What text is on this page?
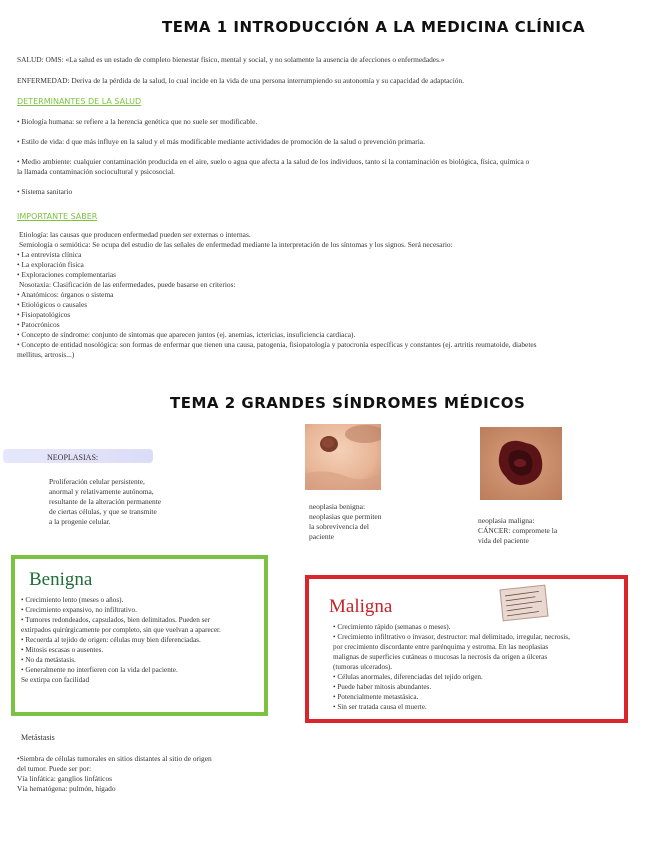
TEMA 1 INTRODUCCIÓN A LA MEDICINA CLÍNICA
SALUD: OMS: «La salud es un estado de completo bienestar físico, mental y social, y no solamente la ausencia de afecciones o enfermedades.»
ENFERMEDAD: Deriva de la pérdida de la salud, lo cual incide en la vida de una persona interrumpiendo su autonomía y su capacidad de adaptación.
DETERMINANTES DE LA SALUD
• Biología humana: se refiere a la herencia genética que no suele ser modificable.
• Estilo de vida: d que más influye en la salud y el más modificable mediante actividades de promoción de la salud o prevención primaria.
• Medio ambiente: cualquier contaminación producida en el aire, suelo o agua que afecta a la salud de los individuos, tanto si la contaminación es biológica, física, química o
la llamada contaminación sociocultural y psicosocial.
• Sistema sanitario
IMPORTANTE SABER
Etiología: las causas que producen enfermedad pueden ser externas o internas.
Semiología o semiótica: Se ocupa del estudio de las señales de enfermedad mediante la interpretación de los síntomas y los signos. Será necesario:
• La entrevista clínica
• La exploración física
• Exploraciones complementarias
Nosotaxia: Clasificación de las enfermedades, puede basarse en criterios:
• Anatómicos: órganos o sistema
• Etiológicos o causales
• Fisiopatológicos
• Patocrónicos
• Concepto de síndrome: conjunto de síntomas que aparecen juntos (ej. anemias, ictericias, insuficiencia cardiaca).
• Concepto de entidad nosológica: son formas de enfermar que tienen una causa, patogenia, fisiopatología y patocronía específicas y constantes (ej. artritis reumatoide, diabetes
mellitus, artrosis...)
TEMA 2 GRANDES SÍNDROMES MÉDICOS
NEOPLASIAS:
Proliferación celular persistente,
anormal y relativamente autónoma,
resultante de la alteración permanente
de ciertas células, y que se transmite
a la progenie celular.
neoplasia benigna:
neoplasias que permiten
la sobrevivencia del
paciente
neoplasia maligna:
CÁNCER: compromete la
vida del paciente
Benigna
• Crecimiento lento (meses o años).
• Crecimiento expansivo, no infiltrativo.
• Tumores redondeados, capsulados, bien delimitados. Pueden ser
extirpados quirúrgicamente por completo, sin que vuelvan a aparecer.
• Recuerda al tejido de origen: células muy bien diferenciadas.
• Mitosis escasas o ausentes.
• No da metástasis.
• Generalmente no interfieren con la vida del paciente.
Se extirpa con facilidad
Maligna
• Crecimiento rápido (semanas o meses).
• Crecimiento infiltrativo o invasor, destructor: mal delimitado, irregular, necrosis,
por crecimiento discordante entre parénquima y estroma. En las neoplasias
malignas de superficies cutáneas o mucosas la necrosis da origen a úlceras
(tumoras ulcerados).
• Células anormales, diferenciadas del tejido origen.
• Puede haber mitosis abundantes.
• Potencialmente metastásica.
• Sin ser tratada causa el muerte.
Metástasis
•Siembra de células tumorales en sitios distantes al sitio de origen
del tumor. Puede ser por:
Vía linfática: ganglios linfáticos
Vía hematógena: pulmón, hígado
